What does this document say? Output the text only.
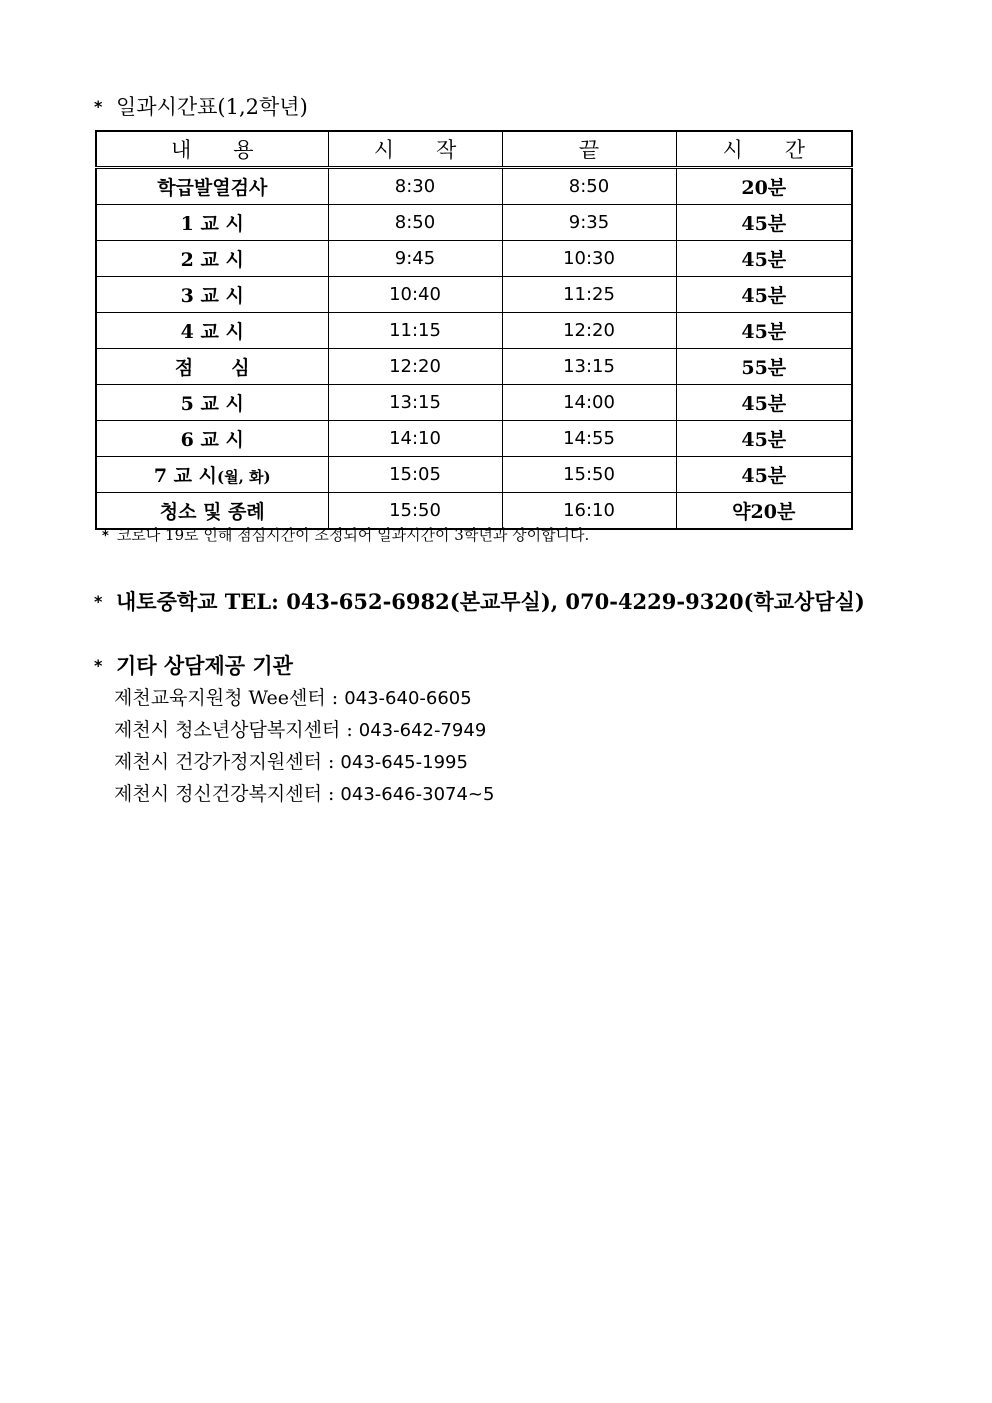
* 일과시간표(1,2학년)
내　　용	시　　작	끝	시　　간
학급발열검사	8:30	8:50	20분
1 교 시	8:50	9:35	45분
2 교 시	9:45	10:30	45분
3 교 시	10:40	11:25	45분
4 교 시	11:15	12:20	45분
점　　심	12:20	13:15	55분
5 교 시	13:15	14:00	45분
6 교 시	14:10	14:55	45분
7 교 시(월, 화)	15:05	15:50	45분
청소 및 종례	15:50	16:10	약20분
* 코로나 19로 인해 점심시간이 조정되어 일과시간이 3학년과 상이합니다.
* 내토중학교 TEL: 043-652-6982(본교무실), 070-4229-9320(학교상담실)
* 기타 상담제공 기관
제천교육지원청 Wee센터 : 043-640-6605
제천시 청소년상담복지센터 : 043-642-7949
제천시 건강가정지원센터 : 043-645-1995
제천시 정신건강복지센터 : 043-646-3074~5
